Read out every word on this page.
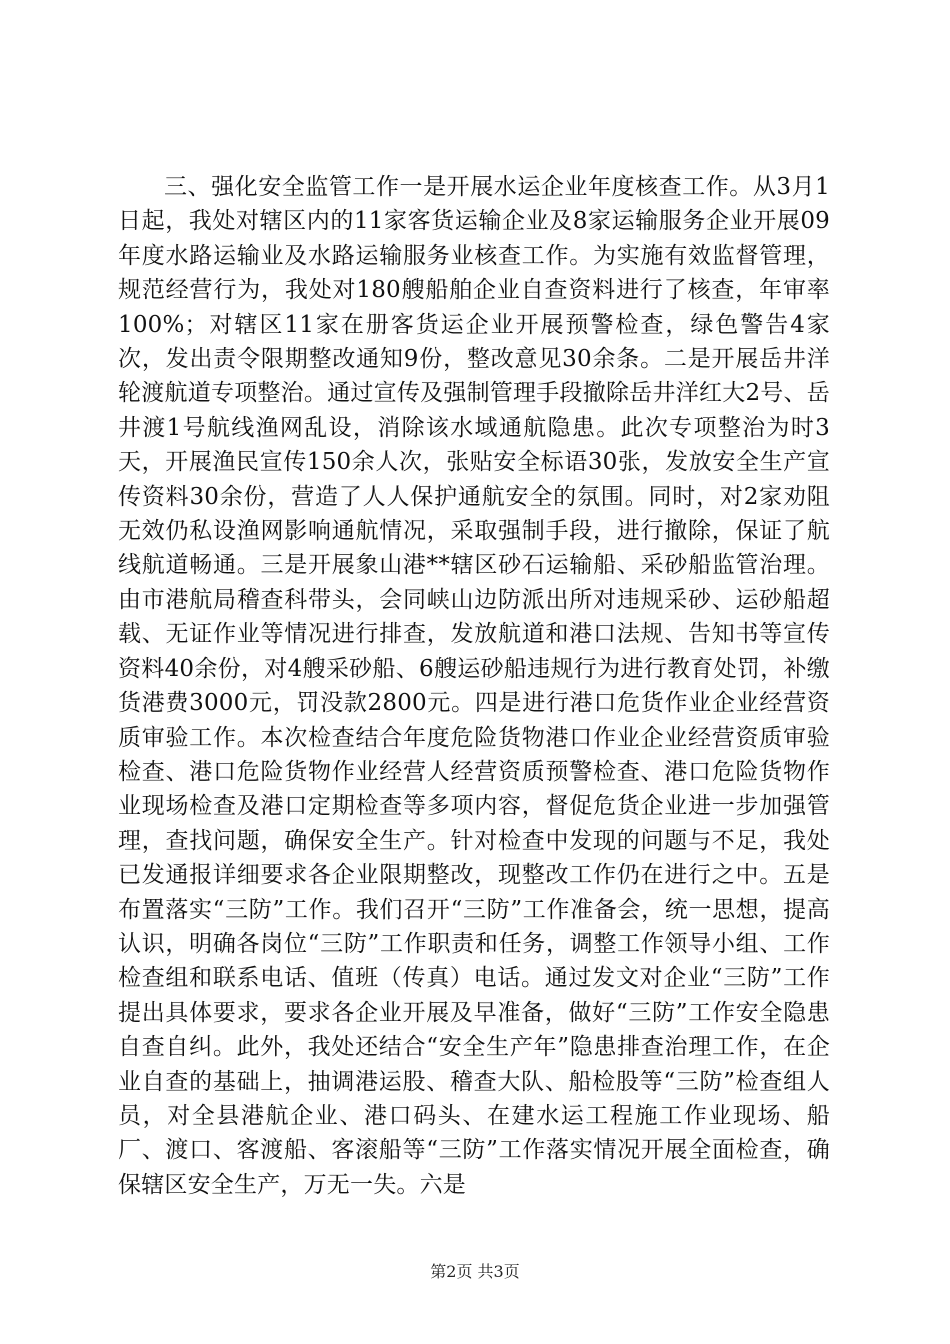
三、强化安全监管工作一是开展水运企业年度核查工作。从3月1日起，我处对辖区内的11家客货运输企业及8家运输服务企业开展09年度水路运输业及水路运输服务业核查工作。为实施有效监督管理，规范经营行为，我处对180艘船舶企业自查资料进行了核查，年审率100%；对辖区11家在册客货运企业开展预警检查，绿色警告4家次，发出责令限期整改通知9份，整改意见30余条。二是开展岳井洋轮渡航道专项整治。通过宣传及强制管理手段撤除岳井洋红大2号、岳井渡1号航线渔网乱设，消除该水域通航隐患。此次专项整治为时3天，开展渔民宣传150余人次，张贴安全标语30张，发放安全生产宣传资料30余份，营造了人人保护通航安全的氛围。同时，对2家劝阻无效仍私设渔网影响通航情况，采取强制手段，进行撤除，保证了航线航道畅通。三是开展象山港**辖区砂石运输船、采砂船监管治理。由市港航局稽查科带头，会同峡山边防派出所对违规采砂、运砂船超载、无证作业等情况进行排查，发放航道和港口法规、告知书等宣传资料40余份，对4艘采砂船、6艘运砂船违规行为进行教育处罚，补缴货港费3000元，罚没款2800元。四是进行港口危货作业企业经营资质审验工作。本次检查结合年度危险货物港口作业企业经营资质审验检查、港口危险货物作业经营人经营资质预警检查、港口危险货物作业现场检查及港口定期检查等多项内容，督促危货企业进一步加强管理，查找问题，确保安全生产。针对检查中发现的问题与不足，我处已发通报详细要求各企业限期整改，现整改工作仍在进行之中。五是布置落实“三防”工作。我们召开“三防”工作准备会，统一思想，提高认识，明确各岗位“三防”工作职责和任务，调整工作领导小组、工作检查组和联系电话、值班（传真）电话。通过发文对企业“三防”工作提出具体要求，要求各企业开展及早准备，做好“三防”工作安全隐患自查自纠。此外，我处还结合“安全生产年”隐患排查治理工作，在企业自查的基础上，抽调港运股、稽查大队、船检股等“三防”检查组人员，对全县港航企业、港口码头、在建水运工程施工作业现场、船厂、渡口、客渡船、客滚船等“三防”工作落实情况开展全面检查，确保辖区安全生产，万无一失。六是

第2页 共3页
